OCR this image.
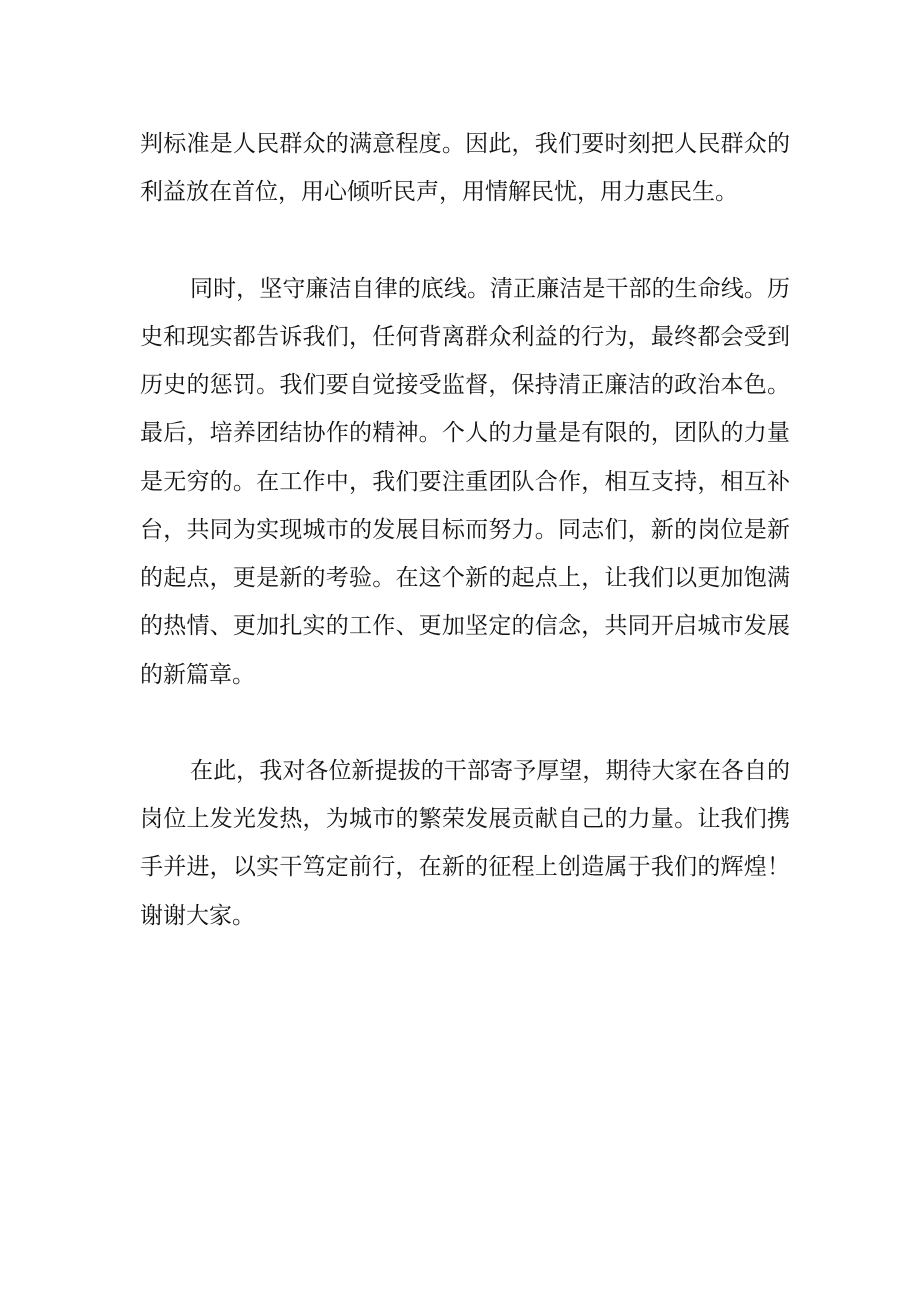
判标准是人民群众的满意程度。因此，我们要时刻把人民群众的
利益放在首位，用心倾听民声，用情解民忧，用力惠民生。
同时，坚守廉洁自律的底线。清正廉洁是干部的生命线。历
史和现实都告诉我们，任何背离群众利益的行为，最终都会受到
历史的惩罚。我们要自觉接受监督，保持清正廉洁的政治本色。
最后，培养团结协作的精神。个人的力量是有限的，团队的力量
是无穷的。在工作中，我们要注重团队合作，相互支持，相互补
台，共同为实现城市的发展目标而努力。同志们，新的岗位是新
的起点，更是新的考验。在这个新的起点上，让我们以更加饱满
的热情、更加扎实的工作、更加坚定的信念，共同开启城市发展
的新篇章。
在此，我对各位新提拔的干部寄予厚望，期待大家在各自的
岗位上发光发热，为城市的繁荣发展贡献自己的力量。让我们携
手并进，以实干笃定前行，在新的征程上创造属于我们的辉煌！
谢谢大家。
